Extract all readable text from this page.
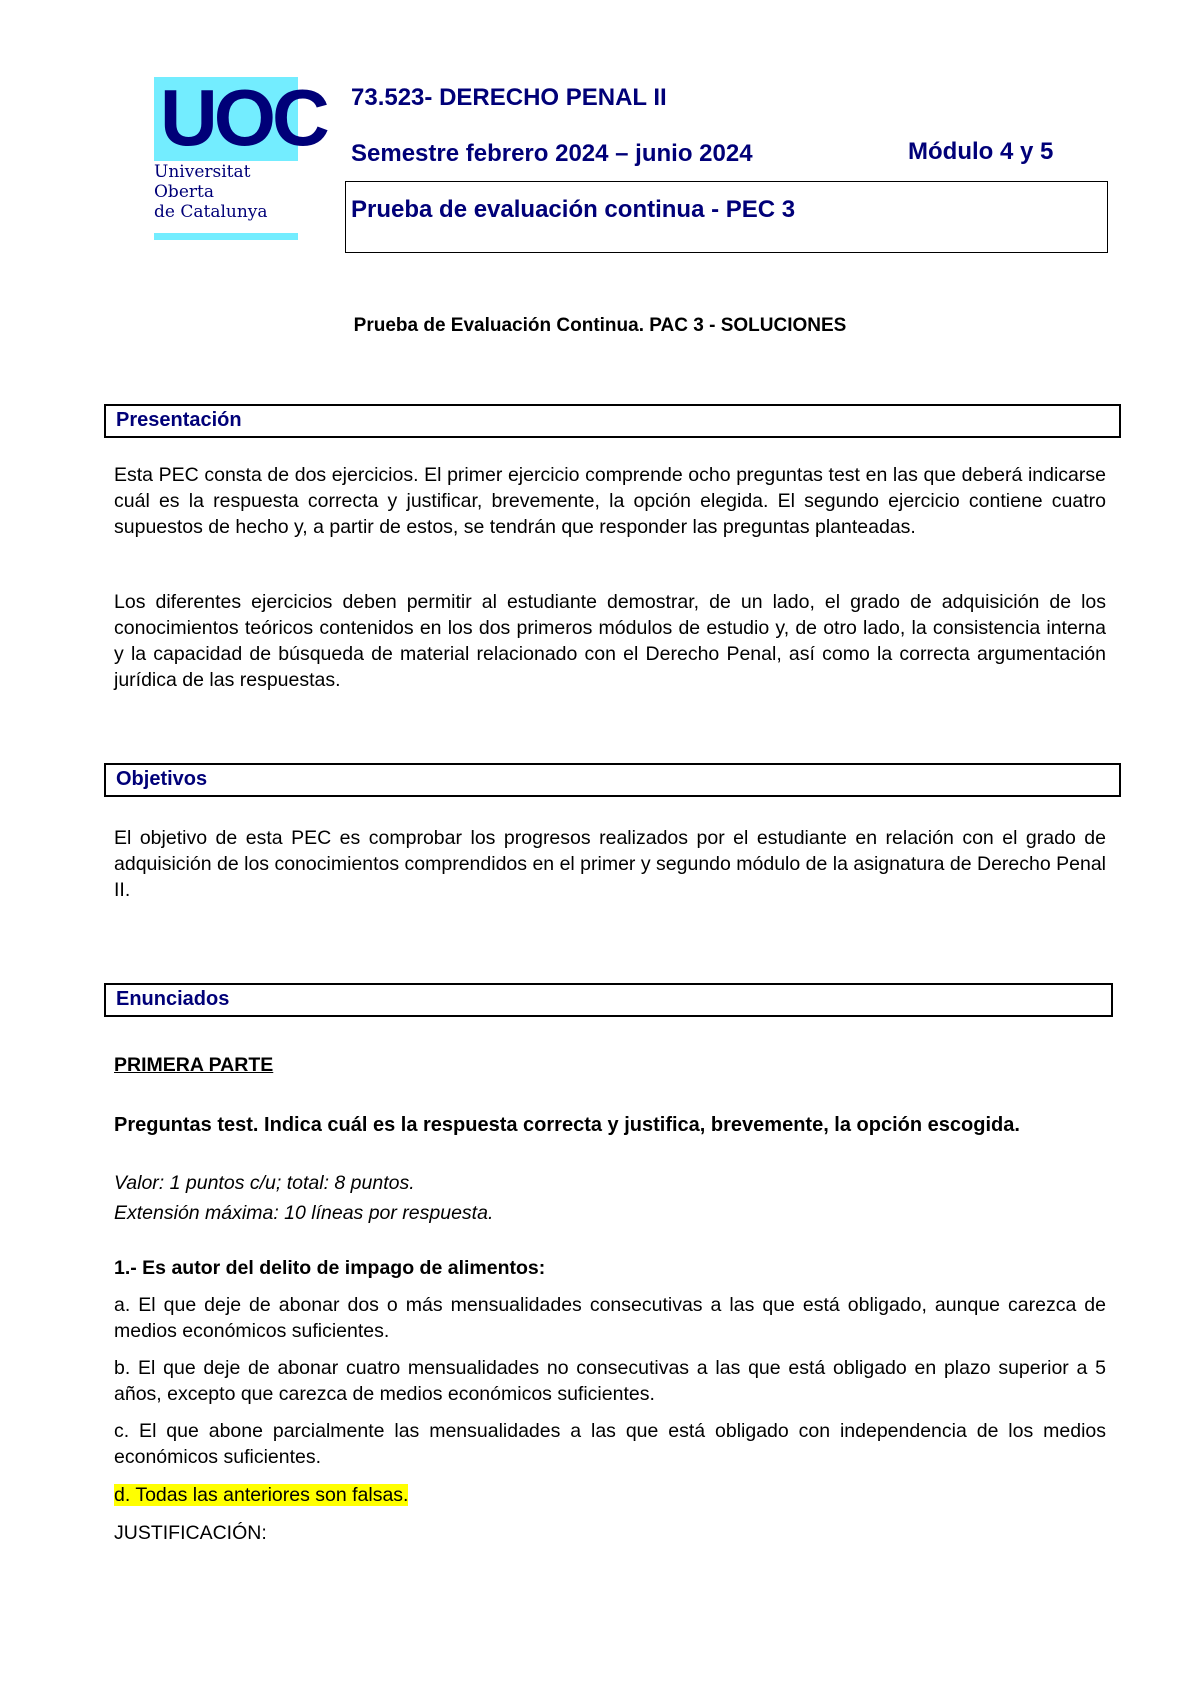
UOC
Universitat
Oberta
de Catalunya
73.523- DERECHO PENAL II
Semestre febrero 2024 – junio 2024	Módulo 4 y 5
Prueba de evaluación continua - PEC 3
Prueba de Evaluación Continua. PAC 3 - SOLUCIONES
Presentación
Esta PEC consta de dos ejercicios. El primer ejercicio comprende ocho preguntas test en las que deberá indicarse cuál es la respuesta correcta y justificar, brevemente, la opción elegida. El segundo ejercicio contiene cuatro supuestos de hecho y, a partir de estos, se tendrán que responder las preguntas planteadas.
Los diferentes ejercicios deben permitir al estudiante demostrar, de un lado, el grado de adquisición de los conocimientos teóricos contenidos en los dos primeros módulos de estudio y, de otro lado, la consistencia interna y la capacidad de búsqueda de material relacionado con el Derecho Penal, así como la correcta argumentación jurídica de las respuestas.
Objetivos
El objetivo de esta PEC es comprobar los progresos realizados por el estudiante en relación con el grado de adquisición de los conocimientos comprendidos en el primer y segundo módulo de la asignatura de Derecho Penal II.
Enunciados
PRIMERA PARTE
Preguntas test. Indica cuál es la respuesta correcta y justifica, brevemente, la opción escogida.
Valor: 1 puntos c/u; total: 8 puntos.
Extensión máxima: 10 líneas por respuesta.
1.- Es autor del delito de impago de alimentos:
a. El que deje de abonar dos o más mensualidades consecutivas a las que está obligado, aunque carezca de medios económicos suficientes.
b. El que deje de abonar cuatro mensualidades no consecutivas a las que está obligado en plazo superior a 5 años, excepto que carezca de medios económicos suficientes.
c. El que abone parcialmente las mensualidades a las que está obligado con independencia de los medios económicos suficientes.
d. Todas las anteriores son falsas.
JUSTIFICACIÓN:
